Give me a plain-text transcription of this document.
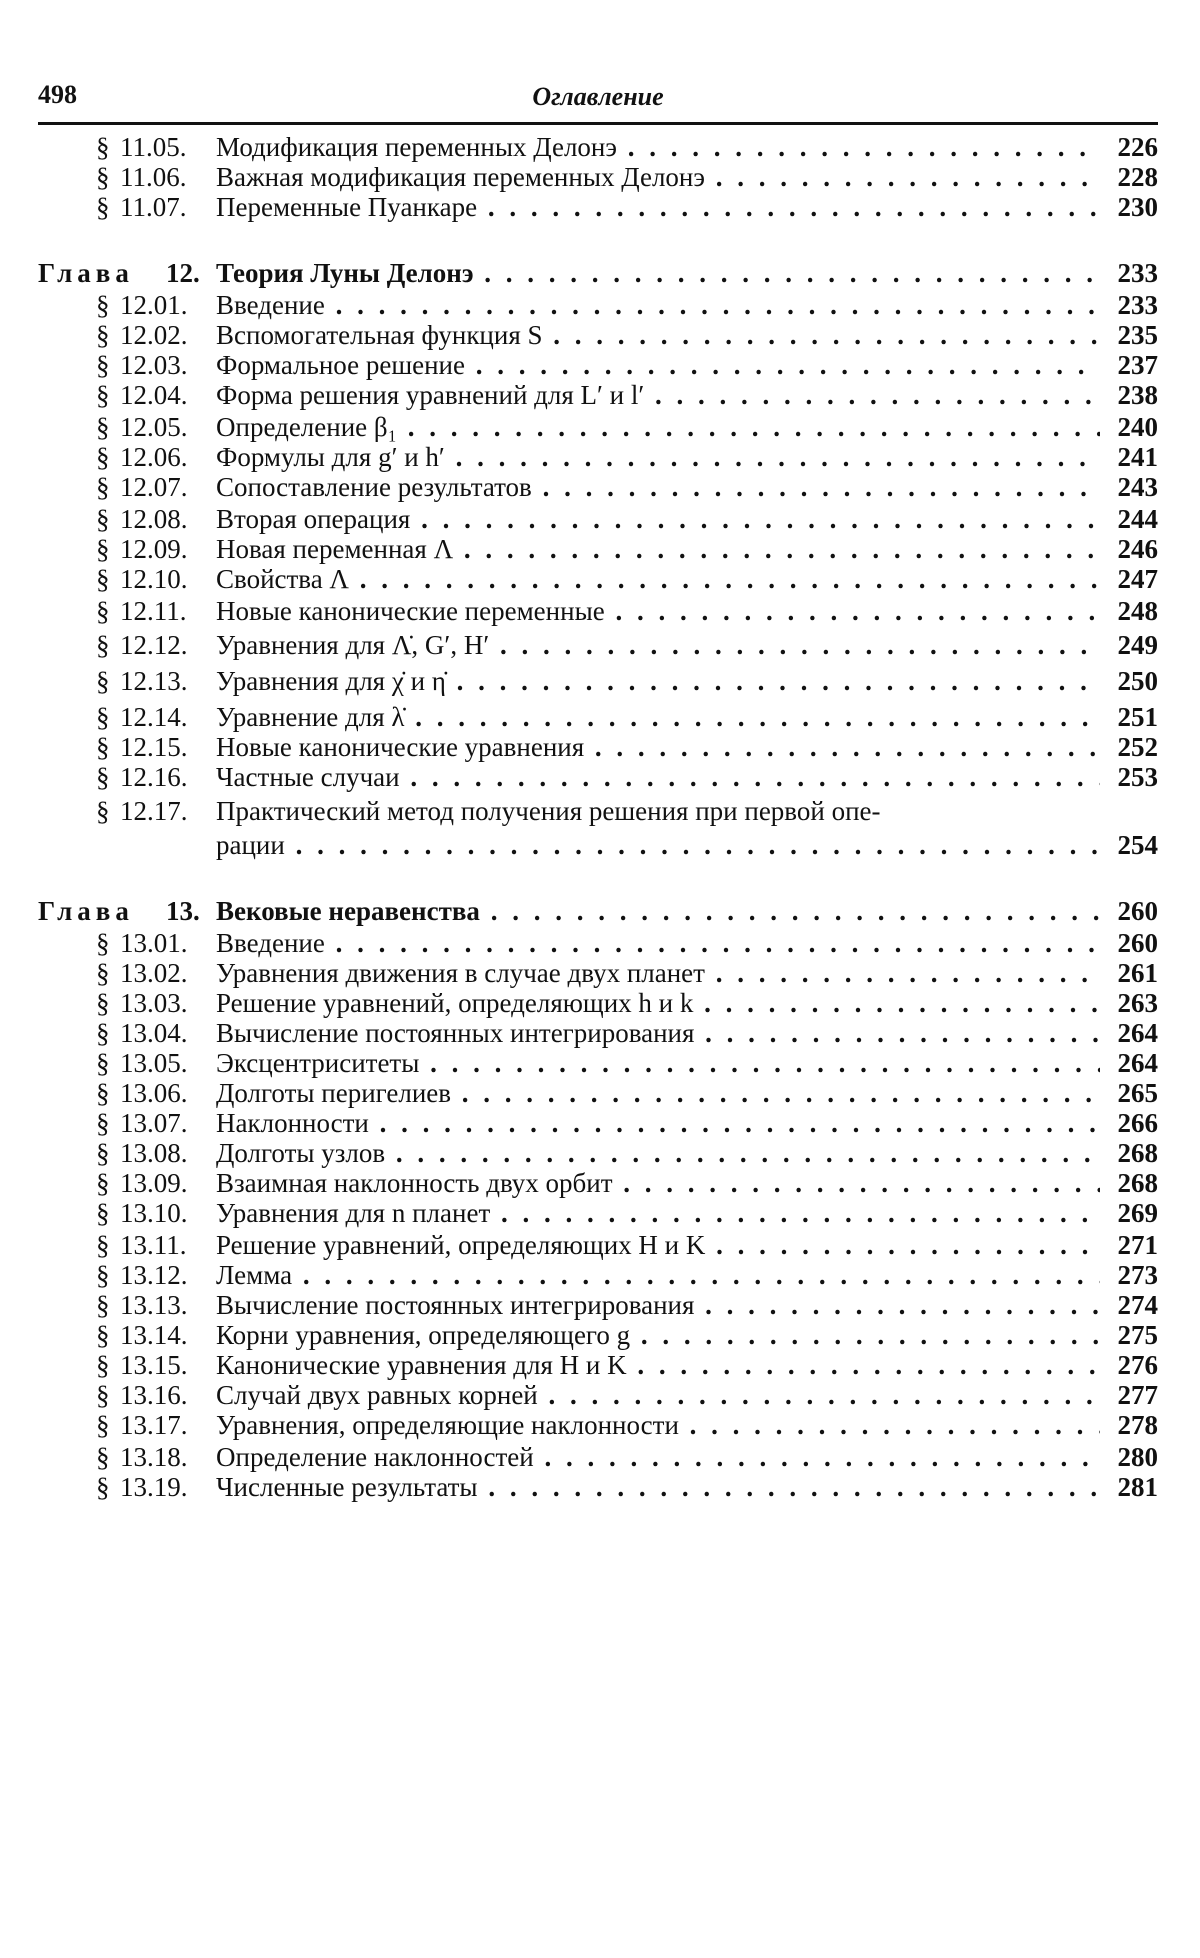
498	Оглавление
§ 11.05.	Модификация переменных Делонэ . . .	226
§ 11.06.	Важная модификация переменных Делонэ . . .	228
§ 11.07.	Переменные Пуанкаре . . .	230
Глава 12. Теория Луны Делонэ . . .	233
§ 12.01.	Введение . . .	233
§ 12.02.	Вспомогательная функция S . . .	235
§ 12.03.	Формальное решение . . .	237
§ 12.04.	Форма решения уравнений для L′ и l′ . . .	238
§ 12.05.	Определение β₁ . . .	240
§ 12.06.	Формулы для g′ и h′ . . .	241
§ 12.07.	Сопоставление результатов . . .	243
§ 12.08.	Вторая операция . . .	244
§ 12.09.	Новая переменная Λ . . .	246
§ 12.10.	Свойства Λ . . .	247
§ 12.11.	Новые канонические переменные . . .	248
§ 12.12.	Уравнения для Λ̇, G′, H′ . . .	249
§ 12.13.	Уравнения для χ̇ и η̇ . . .	250
§ 12.14.	Уравнение для λ̇ . . .	251
§ 12.15.	Новые канонические уравнения . . .	252
§ 12.16.	Частные случаи . . .	253
§ 12.17.	Практический метод получения решения при первой опе-
рации . . .	254
Глава 13. Вековые неравенства . . .	260
§ 13.01.	Введение . . .	260
§ 13.02.	Уравнения движения в случае двух планет . . .	261
§ 13.03.	Решение уравнений, определяющих h и k . . .	263
§ 13.04.	Вычисление постоянных интегрирования . . .	264
§ 13.05.	Эксцентриситеты . . .	264
§ 13.06.	Долготы перигелиев . . .	265
§ 13.07.	Наклонности . . .	266
§ 13.08.	Долготы узлов . . .	268
§ 13.09.	Взаимная наклонность двух орбит . . .	268
§ 13.10.	Уравнения для n планет . . .	269
§ 13.11.	Решение уравнений, определяющих H и K . . .	271
§ 13.12.	Лемма . . .	273
§ 13.13.	Вычисление постоянных интегрирования . . .	274
§ 13.14.	Корни уравнения, определяющего g . . .	275
§ 13.15.	Канонические уравнения для H и K . . .	276
§ 13.16.	Случай двух равных корней . . .	277
§ 13.17.	Уравнения, определяющие наклонности . . .	278
§ 13.18.	Определение наклонностей . . .	280
§ 13.19.	Численные результаты . . .	281
